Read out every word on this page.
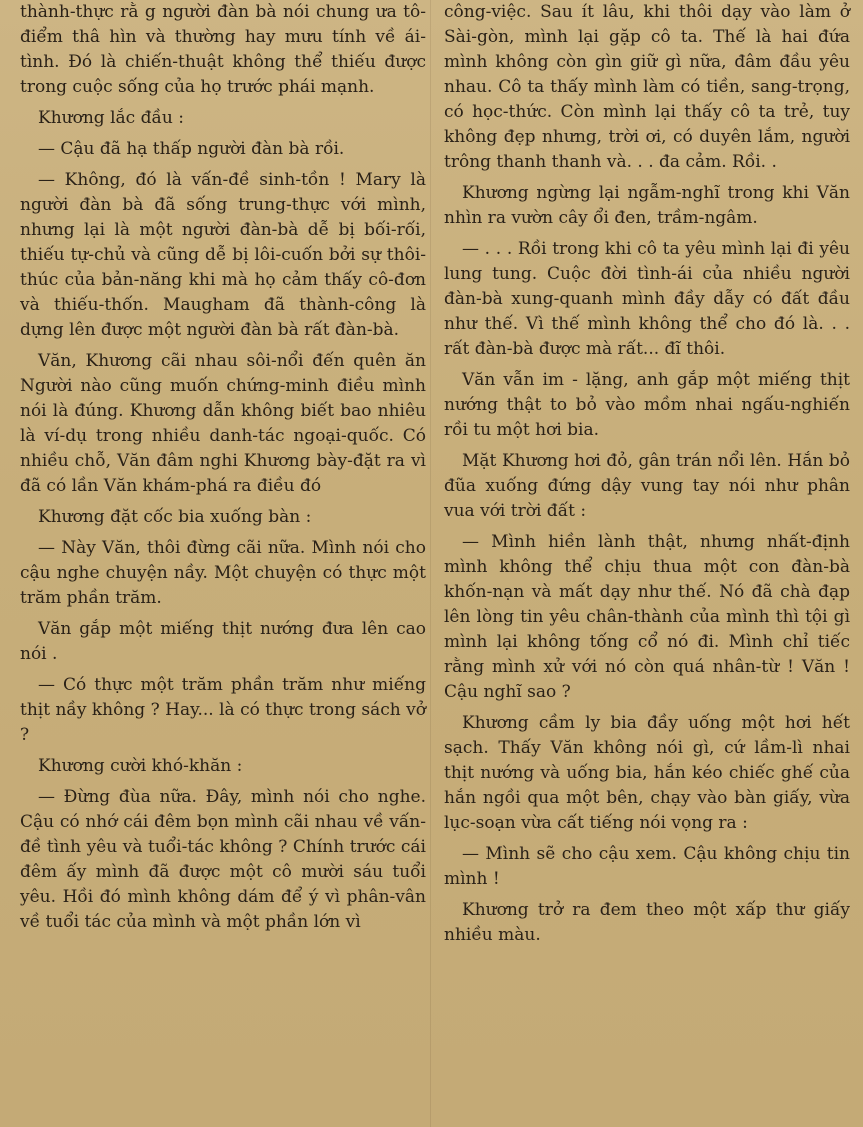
thành-thực rằ g người đàn bà nói chung ưa tô-điểm thâ hìn và thường hay mưu tính về ái-tình. Đó là chiến-thuật không thể thiếu được trong cuộc sống của họ trước phái mạnh.

Khương lắc đầu :

— Cậu đã hạ thấp người đàn bà rồi.

— Không, đó là vấn-đề sinh-tồn ! Mary là người đàn bà đã sống trung-thực với mình, nhưng lại là một người đàn-bà dễ bị bối-rối, thiếu tự-chủ và cũng dễ bị lôi-cuốn bởi sự thôi-thúc của bản-năng khi mà họ cảm thấy cô-đơn và thiếu-thốn. Maugham đã thành-công là dựng lên được một người đàn bà rất đàn-bà.

Văn, Khương cãi nhau sôi-nổi đến quên ăn Người nào cũng muốn chứng-minh điều mình nói là đúng. Khương dẫn không biết bao nhiêu là ví-dụ trong nhiều danh-tác ngoại-quốc. Có nhiều chỗ, Văn đâm nghi Khương bày-đặt ra vì đã có lần Văn khám-phá ra điều đó

Khương đặt cốc bia xuống bàn :

— Này Văn, thôi đừng cãi nữa. Mình nói cho cậu nghe chuyện nầy. Một chuyện có thực một trăm phần trăm.

Văn gắp một miếng thịt nướng đưa lên cao nói .

— Có thực một trăm phần trăm như miếng thịt nầy không ? Hay... là có thực trong sách vở ?

Khương cười khó-khăn :

— Đừng đùa nữa. Đây, mình nói cho nghe. Cậu có nhớ cái đêm bọn mình cãi nhau về vấn-đề tình yêu và tuổi-tác không ? Chính trước cái đêm ấy mình đã được một cô mười sáu tuổi yêu. Hồi đó mình không dám để ý vì phân-vân về tuổi tác của mình và một phần lớn vì

công-việc. Sau ít lâu, khi thôi dạy vào làm ở Sài-gòn, mình lại gặp cô ta. Thế là hai đứa mình không còn gìn giữ gì nữa, đâm đầu yêu nhau. Cô ta thấy mình làm có tiền, sang-trọng, có học-thức. Còn mình lại thấy cô ta trẻ, tuy không đẹp nhưng, trời ơi, có duyên lắm, người trông thanh thanh và. . . đa cảm. Rồi. .

Khương ngừng lại ngẫm-nghĩ trong khi Văn nhìn ra vườn cây ổi đen, trầm-ngâm.

— . . . Rồi trong khi cô ta yêu mình lại đi yêu lung tung. Cuộc đời tình-ái của nhiều người đàn-bà xung-quanh mình đầy dẫy có đất đầu như thế. Vì thế mình không thể cho đó là. . . rất đàn-bà được mà rất... đĩ thôi.

Văn vẫn im - lặng, anh gắp một miếng thịt nướng thật to bỏ vào mồm nhai ngấu-nghiến rồi tu một hơi bia.

Mặt Khương hơi đỏ, gân trán nổi lên. Hắn bỏ đũa xuống đứng dậy vung tay nói như phân vua với trời đất :

— Mình hiền lành thật, nhưng nhất-định mình không thể chịu thua một con đàn-bà khốn-nạn và mất dạy như thế. Nó đã chà đạp lên lòng tin yêu chân-thành của mình thì tội gì mình lại không tống cổ nó đi. Mình chỉ tiếc rằng mình xử với nó còn quá nhân-từ ! Văn ! Cậu nghĩ sao ?

Khương cầm ly bia đầy uống một hơi hết sạch. Thấy Văn không nói gì, cứ lầm-lì nhai thịt nướng và uống bia, hắn kéo chiếc ghế của hắn ngồi qua một bên, chạy vào bàn giấy, vừa lục-soạn vừa cất tiếng nói vọng ra :

— Mình sẽ cho cậu xem. Cậu không chịu tin mình !

Khương trở ra đem theo một xấp thư giấy nhiều màu.
